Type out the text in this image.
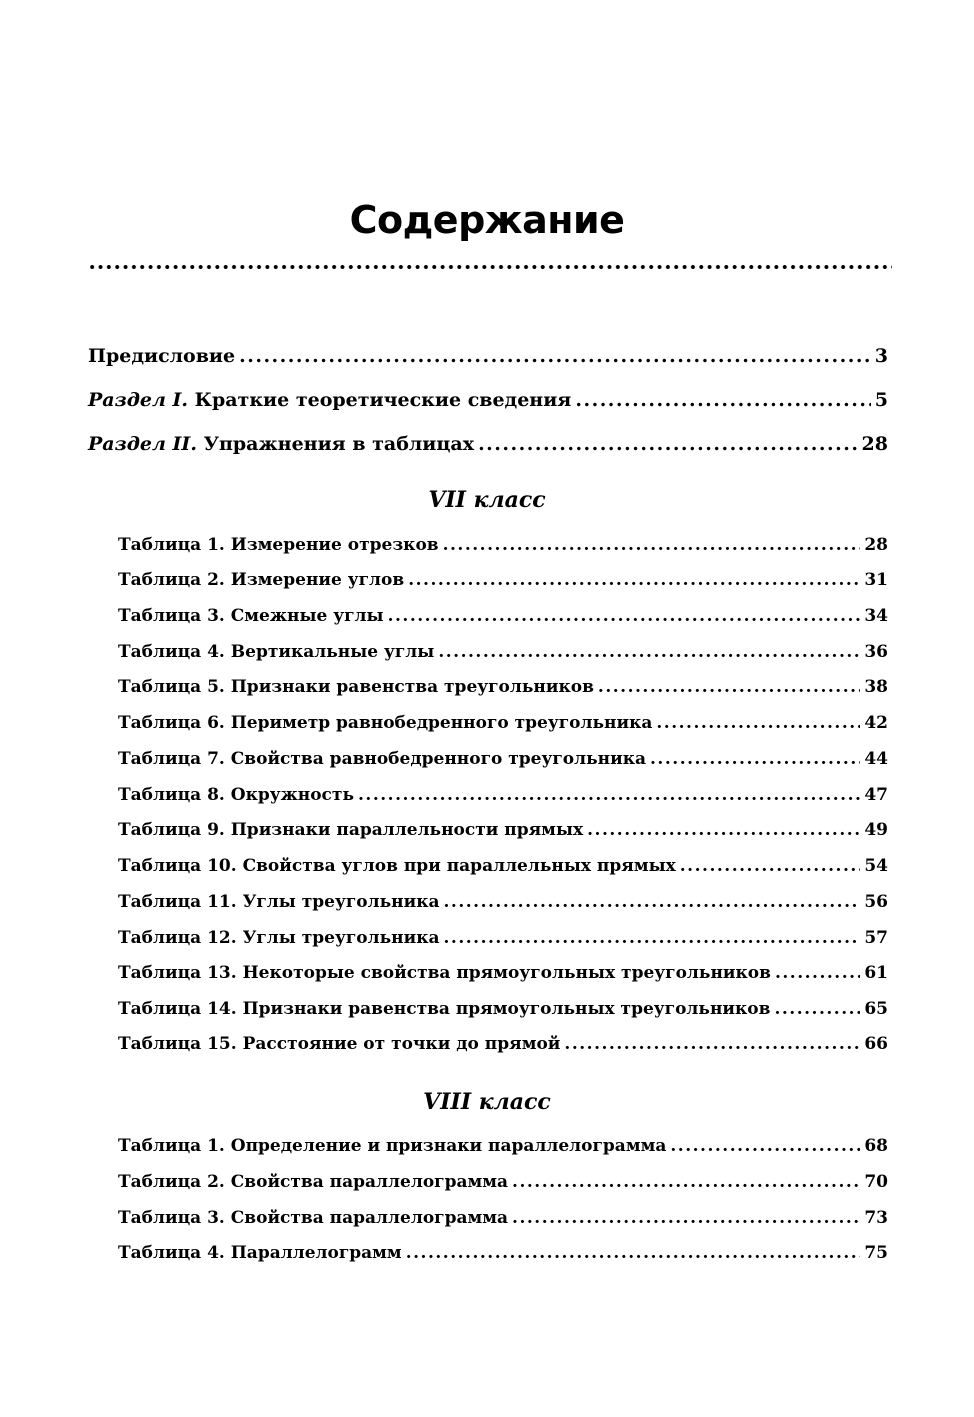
Содержание
Предисловие .....	3
Раздел I. Краткие теоретические сведения .....	5
Раздел II. Упражнения в таблицах .....	28
VII класс
Таблица 1. Измерение отрезков .....	28
Таблица 2. Измерение углов .....	31
Таблица 3. Смежные углы .....	34
Таблица 4. Вертикальные углы .....	36
Таблица 5. Признаки равенства треугольников .....	38
Таблица 6. Периметр равнобедренного треугольника .....	42
Таблица 7. Свойства равнобедренного треугольника .....	44
Таблица 8. Окружность .....	47
Таблица 9. Признаки параллельности прямых .....	49
Таблица 10. Свойства углов при параллельных прямых .....	54
Таблица 11. Углы треугольника .....	56
Таблица 12. Углы треугольника .....	57
Таблица 13. Некоторые свойства прямоугольных треугольников .....	61
Таблица 14. Признаки равенства прямоугольных треугольников .....	65
Таблица 15. Расстояние от точки до прямой .....	66
VIII класс
Таблица 1. Определение и признаки параллелограмма .....	68
Таблица 2. Свойства параллелограмма .....	70
Таблица 3. Свойства параллелограмма .....	73
Таблица 4. Параллелограмм .....	75
